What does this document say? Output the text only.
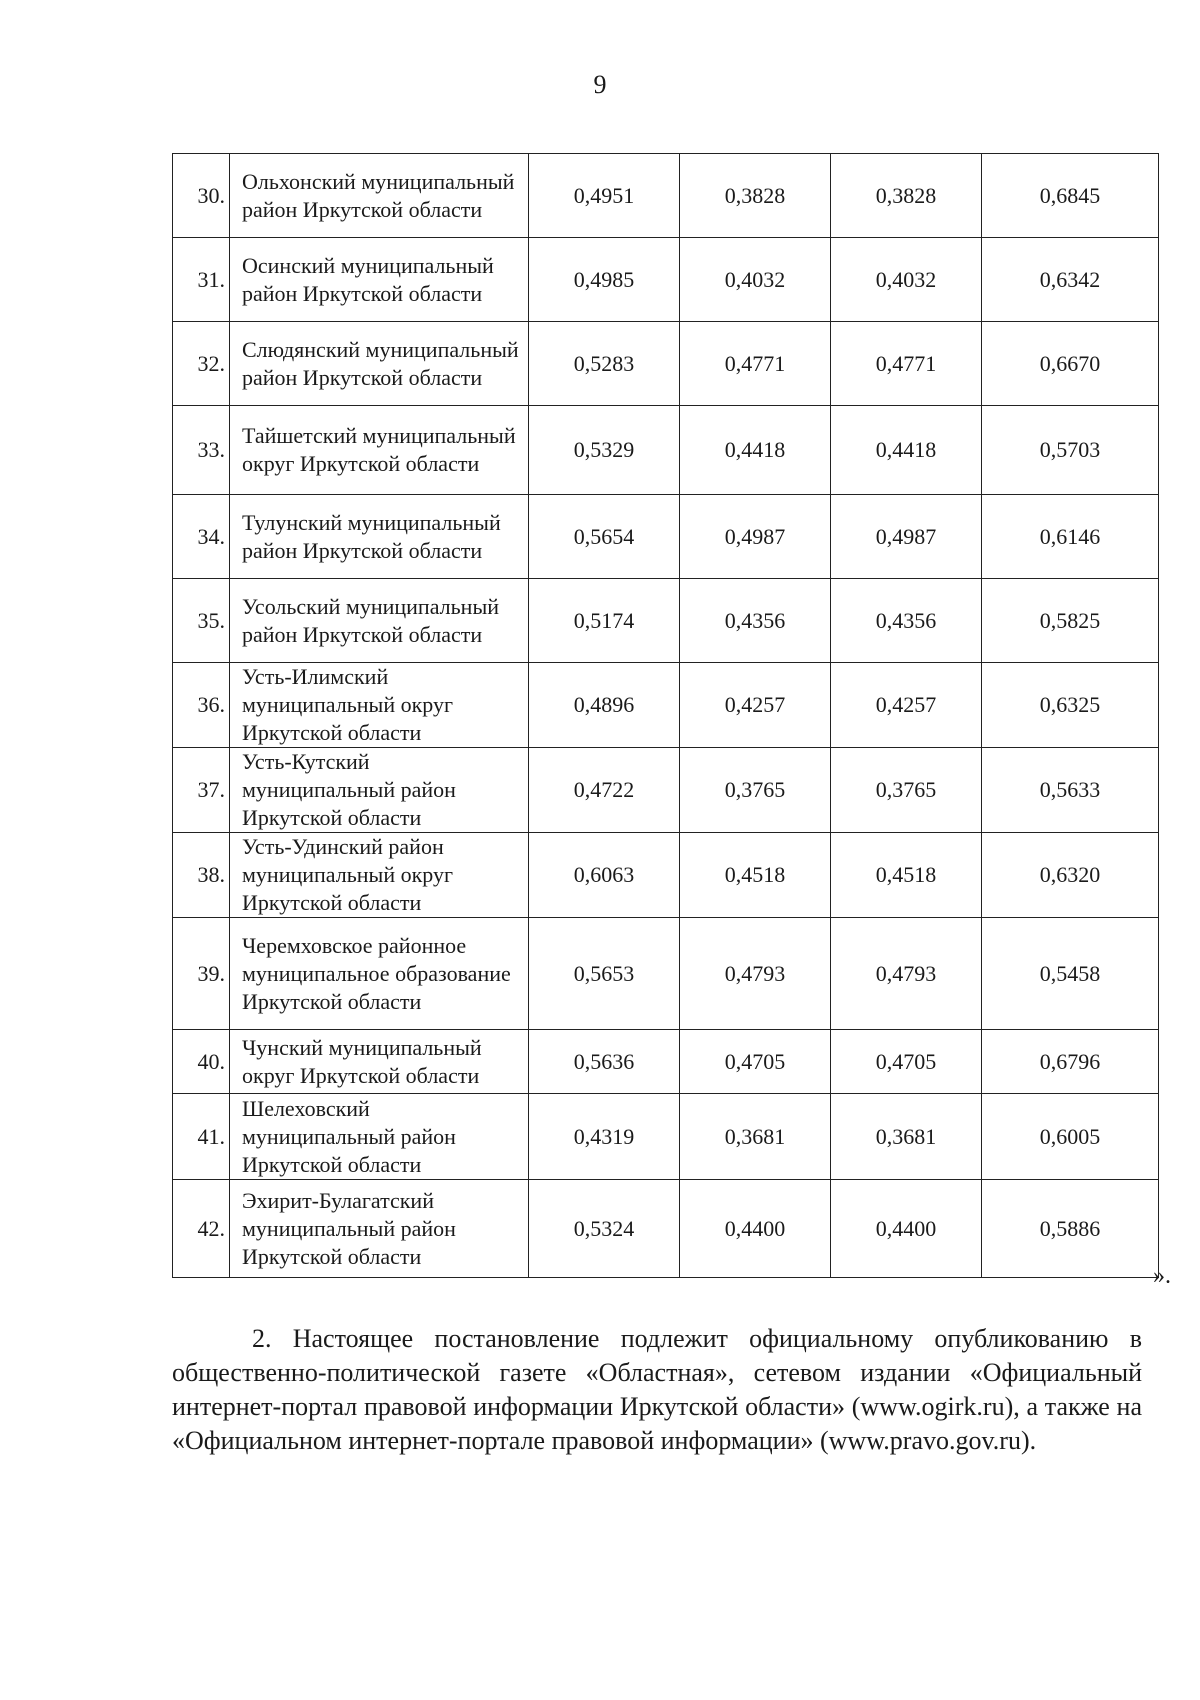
9
30.	Ольхонский муниципальный район Иркутской области	0,4951	0,3828	0,3828	0,6845
31.	Осинский муниципальный район Иркутской области	0,4985	0,4032	0,4032	0,6342
32.	Слюдянский муниципальный район Иркутской области	0,5283	0,4771	0,4771	0,6670
33.	Тайшетский муниципальный округ Иркутской области	0,5329	0,4418	0,4418	0,5703
34.	Тулунский муниципальный район Иркутской области	0,5654	0,4987	0,4987	0,6146
35.	Усольский муниципальный район Иркутской области	0,5174	0,4356	0,4356	0,5825
36.	Усть-Илимский муниципальный округ Иркутской области	0,4896	0,4257	0,4257	0,6325
37.	Усть-Кутский муниципальный район Иркутской области	0,4722	0,3765	0,3765	0,5633
38.	Усть-Удинский район муниципальный округ Иркутской области	0,6063	0,4518	0,4518	0,6320
39.	Черемховское районное муниципальное образование Иркутской области	0,5653	0,4793	0,4793	0,5458
40.	Чунский муниципальный округ Иркутской области	0,5636	0,4705	0,4705	0,6796
41.	Шелеховский муниципальный район Иркутской области	0,4319	0,3681	0,3681	0,6005
42.	Эхирит-Булагатский муниципальный район Иркутской области	0,5324	0,4400	0,4400	0,5886
».

2. Настоящее постановление подлежит официальному опубликованию в общественно-политической газете «Областная», сетевом издании «Официальный интернет-портал правовой информации Иркутской области» (www.ogirk.ru), а также на «Официальном интернет-портале правовой информации» (www.pravo.gov.ru).
